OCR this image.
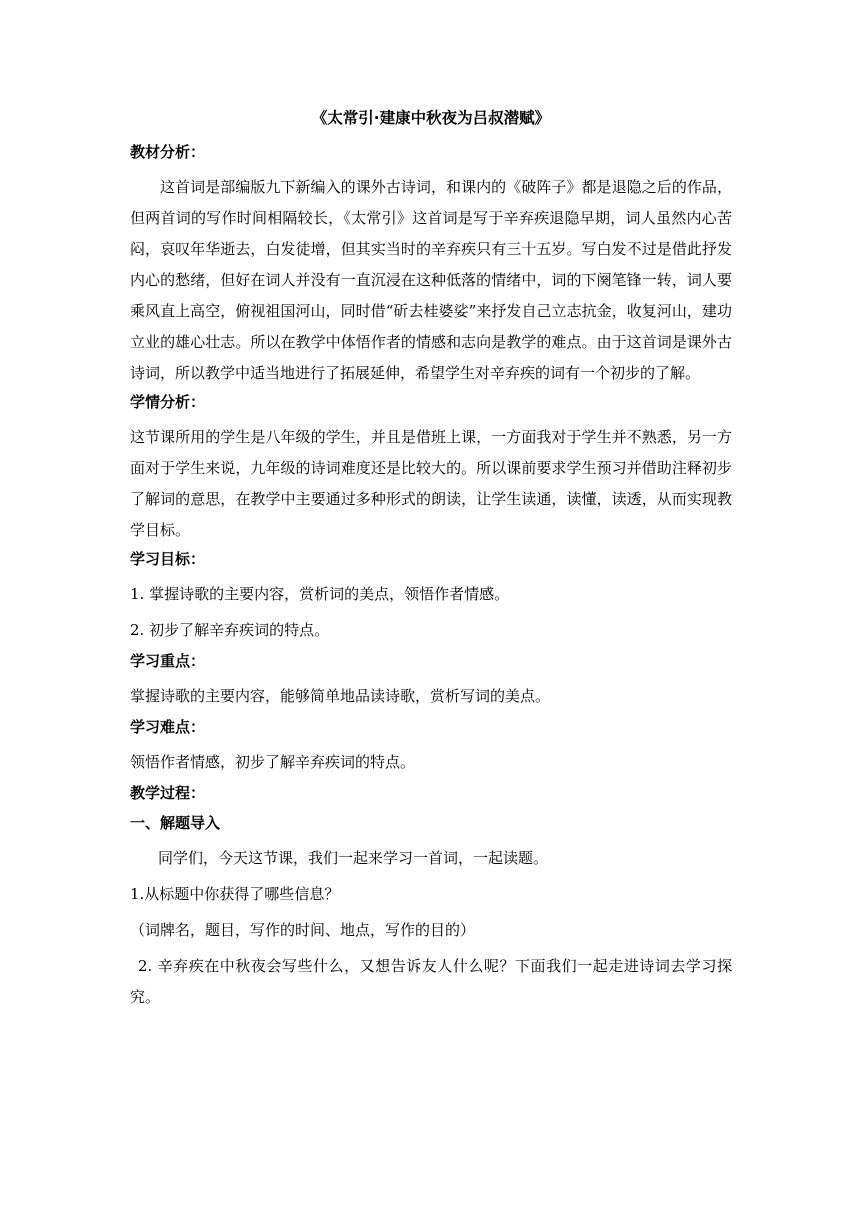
《太常引·建康中秋夜为吕叔潜赋》
教材分析：
这首词是部编版九下新编入的课外古诗词，和课内的《破阵子》都是退隐之后的作品，但两首词的写作时间相隔较长，《太常引》这首词是写于辛弃疾退隐早期，词人虽然内心苦闷，哀叹年华逝去，白发徒增，但其实当时的辛弃疾只有三十五岁。写白发不过是借此抒发内心的愁绪，但好在词人并没有一直沉浸在这种低落的情绪中，词的下阕笔锋一转，词人要乘风直上高空，俯视祖国河山，同时借“斫去桂婆娑”来抒发自己立志抗金，收复河山，建功立业的雄心壮志。所以在教学中体悟作者的情感和志向是教学的难点。由于这首词是课外古诗词，所以教学中适当地进行了拓展延伸，希望学生对辛弃疾的词有一个初步的了解。
学情分析：
这节课所用的学生是八年级的学生，并且是借班上课，一方面我对于学生并不熟悉，另一方面对于学生来说，九年级的诗词难度还是比较大的。所以课前要求学生预习并借助注释初步了解词的意思，在教学中主要通过多种形式的朗读，让学生读通，读懂，读透，从而实现教学目标。
学习目标：
1. 掌握诗歌的主要内容，赏析词的美点，领悟作者情感。
2. 初步了解辛弃疾词的特点。
学习重点：
掌握诗歌的主要内容，能够简单地品读诗歌，赏析写词的美点。
学习难点：
领悟作者情感，初步了解辛弃疾词的特点。
教学过程：
一、解题导入
同学们，今天这节课，我们一起来学习一首词，一起读题。
1.从标题中你获得了哪些信息？
（词牌名，题目，写作的时间、地点，写作的目的）
2. 辛弃疾在中秋夜会写些什么，又想告诉友人什么呢？下面我们一起走进诗词去学习探究。
